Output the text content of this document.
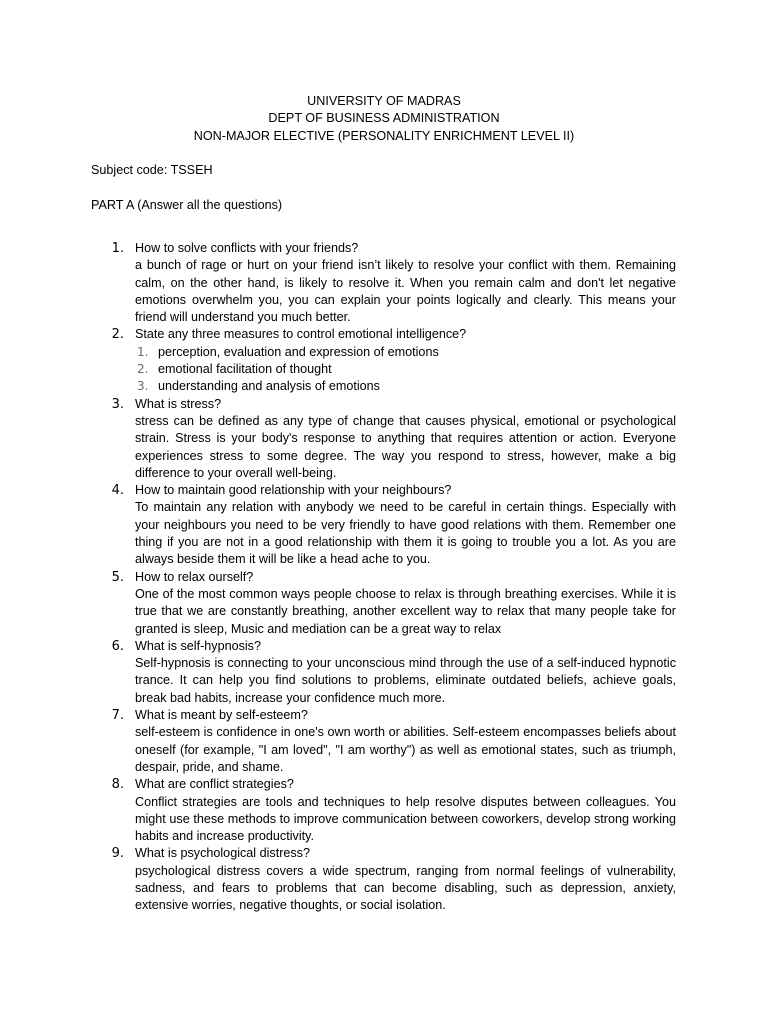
UNIVERSITY OF MADRAS
DEPT OF BUSINESS ADMINISTRATION
NON-MAJOR ELECTIVE (PERSONALITY ENRICHMENT LEVEL II)
Subject code: TSSEH
PART A (Answer all the questions)
1. How to solve conflicts with your friends?
a bunch of rage or hurt on your friend isn’t likely to resolve your conflict with them. Remaining calm, on the other hand, is likely to resolve it. When you remain calm and don't let negative emotions overwhelm you, you can explain your points logically and clearly. This means your friend will understand you much better.
2. State any three measures to control emotional intelligence?
1. perception, evaluation and expression of emotions
2. emotional facilitation of thought
3. understanding and analysis of emotions
3. What is stress?
stress can be defined as any type of change that causes physical, emotional or psychological strain. Stress is your body's response to anything that requires attention or action. Everyone experiences stress to some degree. The way you respond to stress, however, make a big difference to your overall well-being.
4. How to maintain good relationship with your neighbours?
To maintain any relation with anybody we need to be careful in certain things. Especially with your neighbours you need to be very friendly to have good relations with them. Remember one thing if you are not in a good relationship with them it is going to trouble you a lot. As you are always beside them it will be like a head ache to you.
5. How to relax ourself?
One of the most common ways people choose to relax is through breathing exercises. While it is true that we are constantly breathing, another excellent way to relax that many people take for granted is sleep, Music and mediation can be a great way to relax
6. What is self-hypnosis?
Self-hypnosis is connecting to your unconscious mind through the use of a self-induced hypnotic trance. It can help you find solutions to problems, eliminate outdated beliefs, achieve goals, break bad habits, increase your confidence much more.
7. What is meant by self-esteem?
self-esteem is confidence in one's own worth or abilities. Self-esteem encompasses beliefs about oneself (for example, "I am loved", "I am worthy") as well as emotional states, such as triumph, despair, pride, and shame.
8. What are conflict strategies?
Conflict strategies are tools and techniques to help resolve disputes between colleagues. You might use these methods to improve communication between coworkers, develop strong working habits and increase productivity.
9. What is psychological distress?
psychological distress covers a wide spectrum, ranging from normal feelings of vulnerability, sadness, and fears to problems that can become disabling, such as depression, anxiety, extensive worries, negative thoughts, or social isolation.
